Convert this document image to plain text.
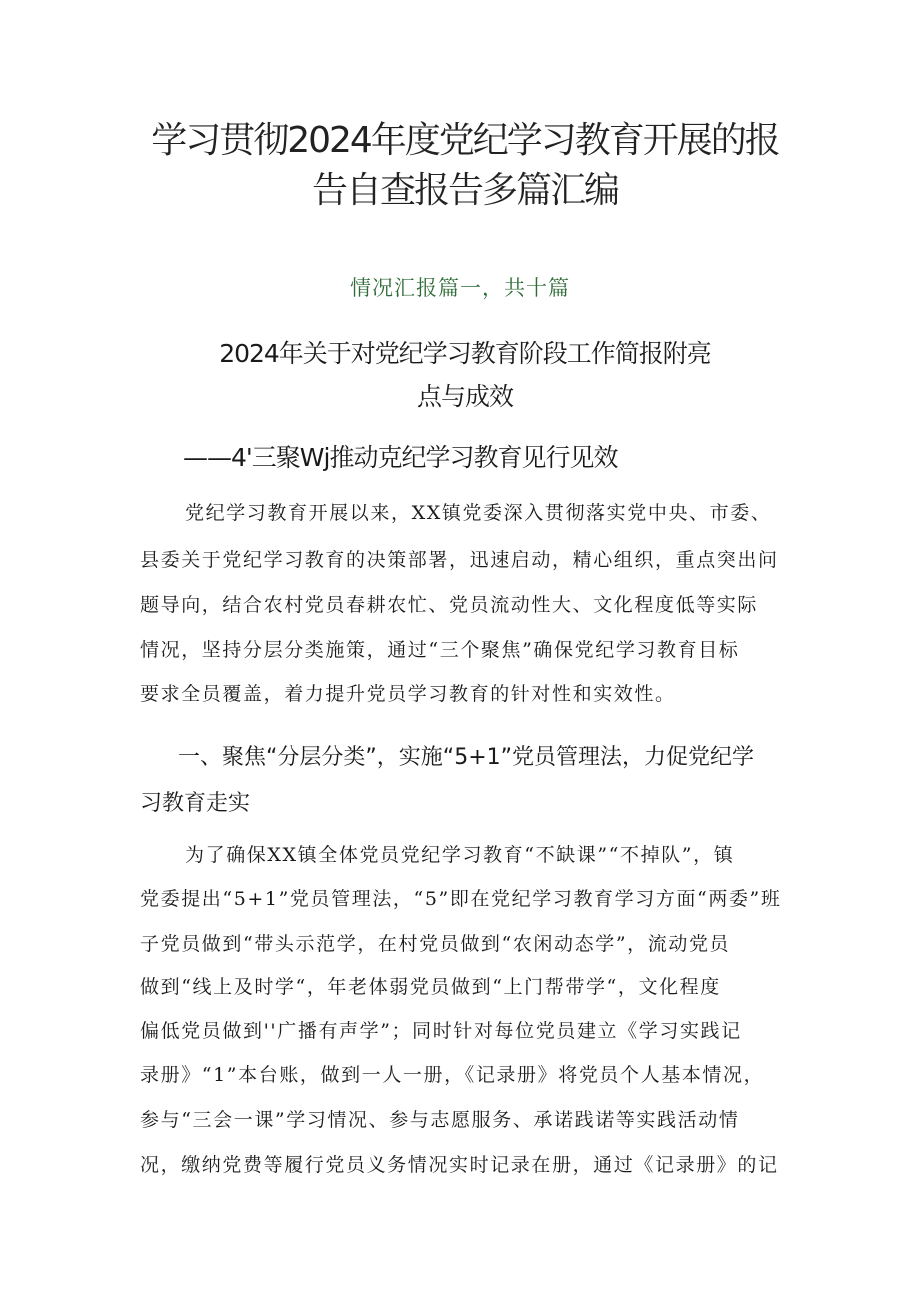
学习贯彻2024年度党纪学习教育开展的报
告自查报告多篇汇编
情况汇报篇一，共十篇
2024年关于对党纪学习教育阶段工作简报附亮
点与成效
——4'三聚Wj推动克纪学习教育见行见效
党纪学习教育开展以来，XX镇党委深入贯彻落实党中央、市委、
县委关于党纪学习教育的决策部署，迅速启动，精心组织，重点突出问
题导向，结合农村党员春耕农忙、党员流动性大、文化程度低等实际
情况，坚持分层分类施策，通过“三个聚焦”确保党纪学习教育目标
要求全员覆盖，着力提升党员学习教育的针对性和实效性。
一、聚焦“分层分类”，实施“5+1”党员管理法，力促党纪学
习教育走实
为了确保XX镇全体党员党纪学习教育“不缺课”“不掉队”，镇
党委提出“5+1”党员管理法，“5”即在党纪学习教育学习方面“两委”班
子党员做到“带头示范学，在村党员做到“农闲动态学”，流动党员
做到“线上及时学“，年老体弱党员做到“上门帮带学“，文化程度
偏低党员做到''广播有声学”；同时针对每位党员建立《学习实践记
录册》“1”本台账，做到一人一册，《记录册》将党员个人基本情况，
参与“三会一课”学习情况、参与志愿服务、承诺践诺等实践活动情
况，缴纳党费等履行党员义务情况实时记录在册，通过《记录册》的记
